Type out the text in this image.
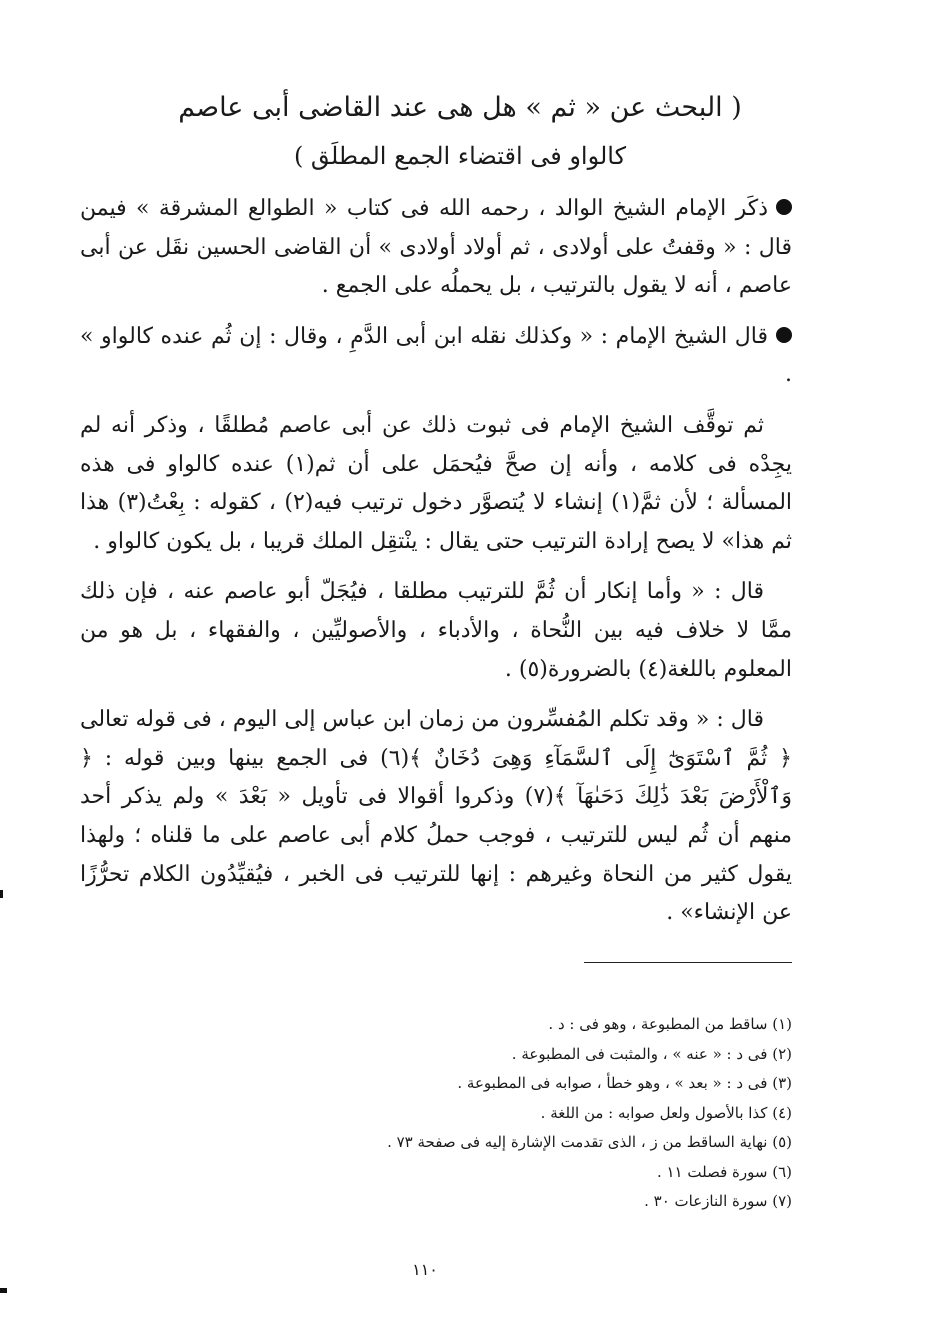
( البحث عن « ثم » هل هى عند القاضى أبى عاصم
كالواو فى اقتضاء الجمع المطلَق )

ذكَر الإمام الشيخ الوالد ، رحمه الله فى كتاب « الطوالع المشرقة » فيمن قال : « وقفتُ على أولادى ، ثم أولاد أولادى » أن القاضى الحسين نقَل عن أبى عاصم ، أنه لا يقول بالترتيب ، بل يحملُه على الجمع .

قال الشيخ الإمام : « وكذلك نقله ابن أبى الدَّمِ ، وقال : إن ثُم عنده كالواو » .

ثم توقَّف الشيخ الإمام فى ثبوت ذلك عن أبى عاصم مُطلقًا ، وذكر أنه لم يجِدْه فى كلامه ، وأنه إن صحَّ فيُحمَل على أن ثم(١) عنده كالواو فى هذه المسألة ؛ لأن ثمَّ(١) إنشاء لا يُتصوَّر دخول ترتيب فيه(٢) ، كقوله : بِعْتُ(٣) هذا ثم هذا» لا يصح إرادة الترتيب حتى يقال : ينْتقِل الملك قريبا ، بل يكون كالواو .

قال : « وأما إنكار أن ثُمَّ للترتيب مطلقا ، فيُجَلّ أبو عاصم عنه ، فإن ذلك ممَّا لا خلاف فيه بين النُّحاة ، والأدباء ، والأصوليِّين ، والفقهاء ، بل هو من المعلوم باللغة(٤) بالضرورة(٥) .

قال : « وقد تكلم المُفسِّرون من زمان ابن عباس إلى اليوم ، فى قوله تعالى ﴿ ثُمَّ ٱسْتَوَىٰٓ إِلَى ٱلسَّمَآءِ وَهِىَ دُخَانٌ ﴾(٦) فى الجمع بينها وبين قوله : ﴿ وَٱلْأَرْضَ بَعْدَ ذَٰلِكَ دَحَىٰهَآ ﴾(٧) وذكروا أقوالا فى تأويل « بَعْدَ » ولم يذكر أحد منهم أن ثُم ليس للترتيب ، فوجب حملُ كلام أبى عاصم على ما قلناه ؛ ولهذا يقول كثير من النحاة وغيرهم : إنها للترتيب فى الخبر ، فيُقيِّدُون الكلام تحرُّزًا عن الإنشاء» .

(١) ساقط من المطبوعة ، وهو فى : د .
(٢) فى د : « عنه » ، والمثبت فى المطبوعة .
(٣) فى د : « بعد » ، وهو خطأ ، صوابه فى المطبوعة .
(٤) كذا بالأصول ولعل صوابه : من اللغة .
(٥) نهاية الساقط من ز ، الذى تقدمت الإشارة إليه فى صفحة ٧٣ .
(٦) سورة فصلت ١١ .
(٧) سورة النازعات ٣٠ .
١١٠
